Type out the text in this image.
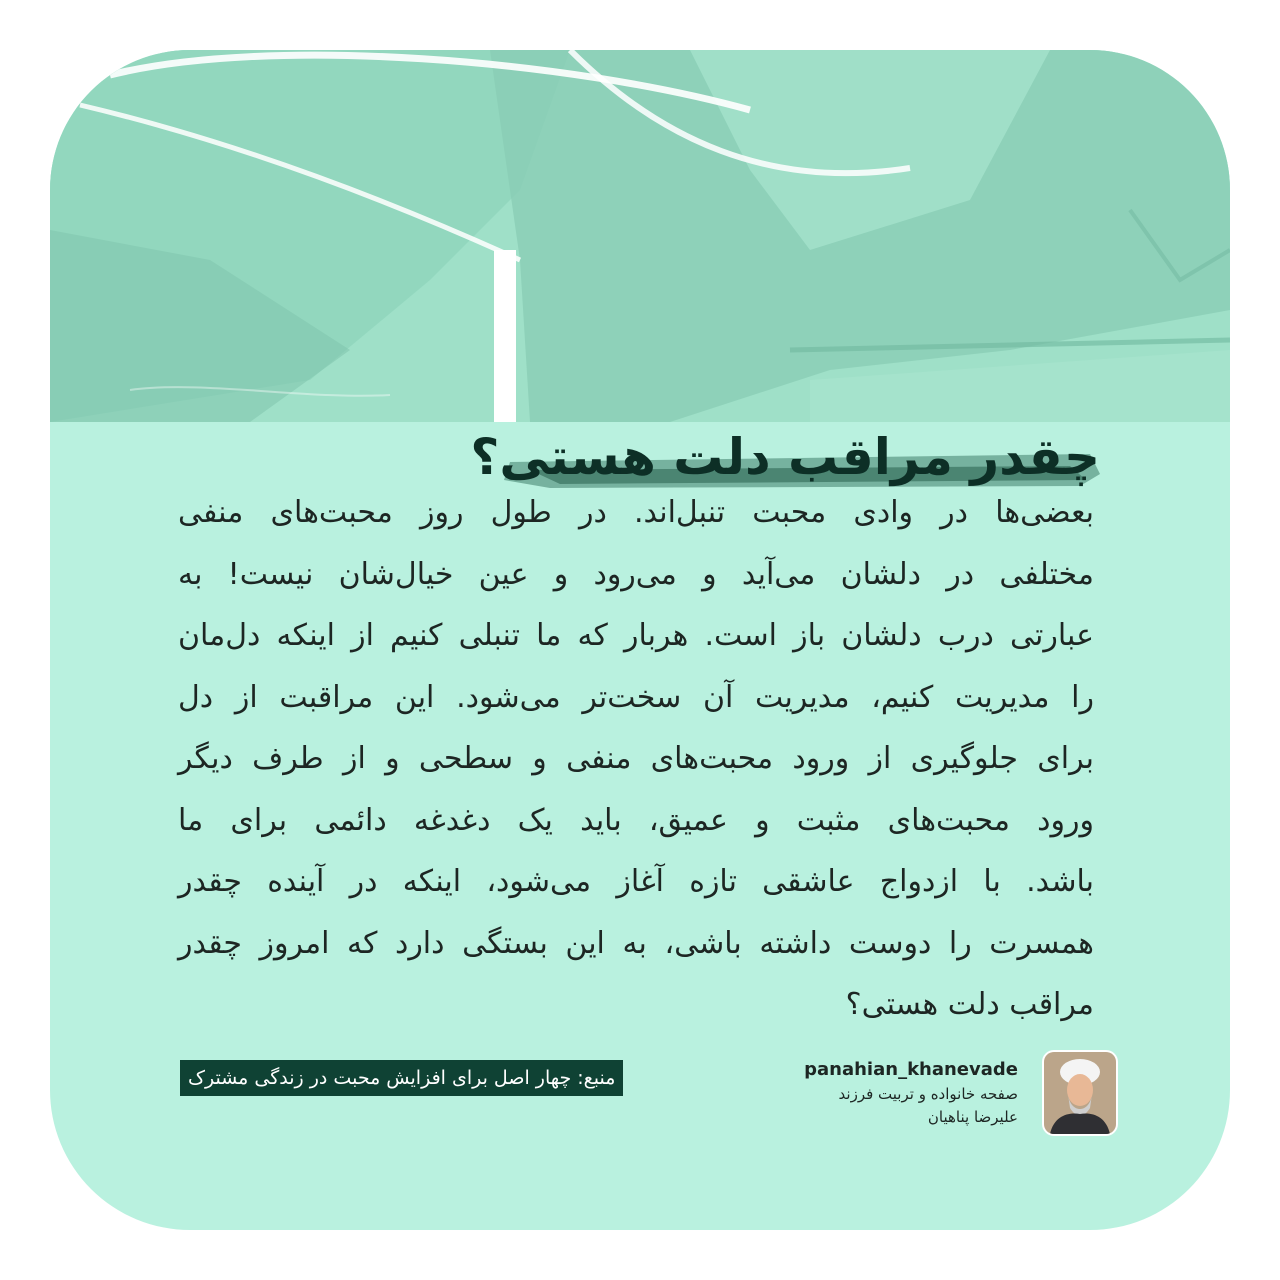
چقدر مراقب دلت هستی؟
بعضی‌ها در وادی محبت تنبل‌اند. در طول روز محبت‌های منفی
مختلفی در دلشان می‌آید و می‌رود و عین خیال‌شان نیست! به
عبارتی درب دلشان باز است. هربار که ما تنبلی کنیم از اینکه دل‌مان
را مدیریت کنیم، مدیریت آن سخت‌تر می‌شود. این مراقبت از دل
برای جلوگیری از ورود محبت‌های منفی و سطحی و از طرف دیگر
ورود محبت‌های مثبت و عمیق، باید یک دغدغه دائمی برای ما
باشد. با ازدواج عاشقی تازه آغاز می‌شود، اینکه در آینده چقدر
همسرت را دوست داشته باشی، به این بستگی دارد که امروز چقدر
مراقب دلت هستی؟
منبع: چهار اصل برای افزایش محبت در زندگی مشترک	panahian_khanevade
صفحه خانواده و تربیت فرزند
علیرضا پناهیان
